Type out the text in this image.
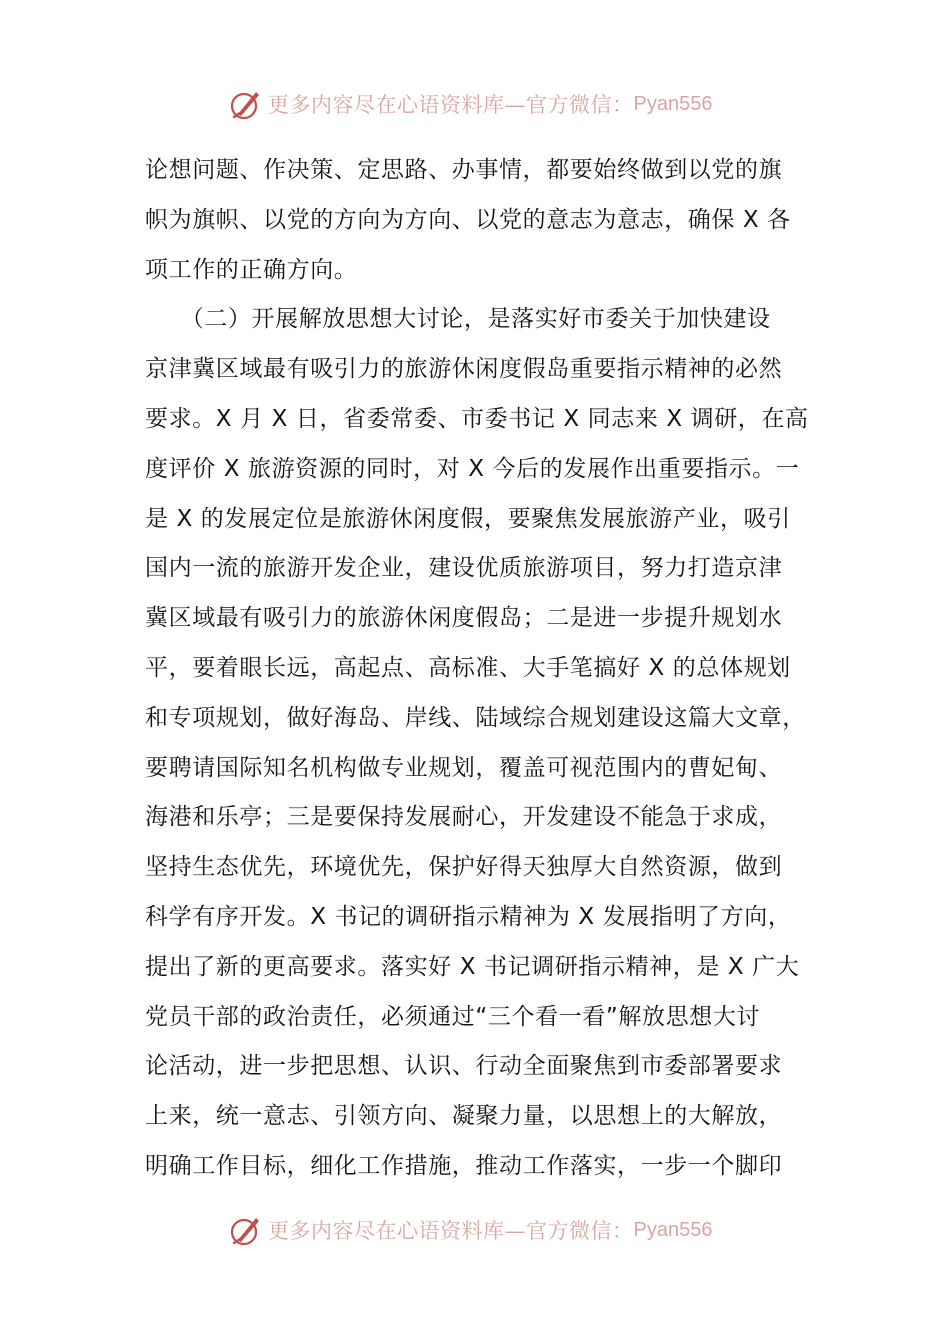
更多内容尽在心语资料库—官方微信： Pyan556
论想问题、作决策、定思路、办事情，都要始终做到以党的旗
帜为旗帜、以党的方向为方向、以党的意志为意志，确保 X 各
项工作的正确方向。
　　（二）开展解放思想大讨论，是落实好市委关于加快建设
京津冀区域最有吸引力的旅游休闲度假岛重要指示精神的必然
要求。X 月 X 日，省委常委、市委书记 X 同志来 X 调研，在高
度评价 X 旅游资源的同时，对 X 今后的发展作出重要指示。一
是 X 的发展定位是旅游休闲度假，要聚焦发展旅游产业，吸引
国内一流的旅游开发企业，建设优质旅游项目，努力打造京津
冀区域最有吸引力的旅游休闲度假岛；二是进一步提升规划水
平，要着眼长远，高起点、高标准、大手笔搞好 X 的总体规划
和专项规划，做好海岛、岸线、陆域综合规划建设这篇大文章，
要聘请国际知名机构做专业规划，覆盖可视范围内的曹妃甸、
海港和乐亭；三是要保持发展耐心，开发建设不能急于求成，
坚持生态优先，环境优先，保护好得天独厚大自然资源，做到
科学有序开发。X 书记的调研指示精神为 X 发展指明了方向，
提出了新的更高要求。落实好 X 书记调研指示精神，是 X 广大
党员干部的政治责任，必须通过“三个看一看”解放思想大讨
论活动，进一步把思想、认识、行动全面聚焦到市委部署要求
上来，统一意志、引领方向、凝聚力量，以思想上的大解放，
明确工作目标，细化工作措施，推动工作落实，一步一个脚印
更多内容尽在心语资料库—官方微信： Pyan556
